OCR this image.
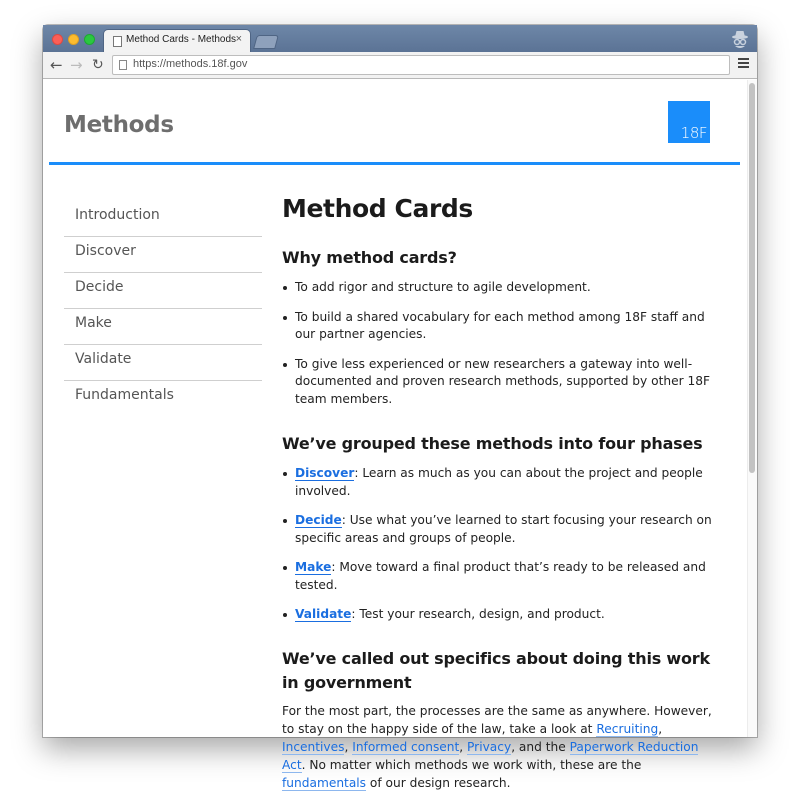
Method Cards - Methods ×
← → ↻	https://methods.18f.gov
Methods	18F
Introduction
Discover
Decide
Make
Validate
Fundamentals
Method Cards
Why method cards?
To add rigor and structure to agile development.
To build a shared vocabulary for each method among 18F staff and our partner agencies.
To give less experienced or new researchers a gateway into well-documented and proven research methods, supported by other 18F team members.
We’ve grouped these methods into four phases
Discover: Learn as much as you can about the project and people involved.
Decide: Use what you’ve learned to start focusing your research on specific areas and groups of people.
Make: Move toward a final product that’s ready to be released and tested.
Validate: Test your research, design, and product.
We’ve called out specifics about doing this work in government

For the most part, the processes are the same as anywhere. However, to stay on the happy side of the law, take a look at Recruiting, Incentives, Informed consent, Privacy, and the Paperwork Reduction Act. No matter which methods we work with, these are the fundamentals of our design research.
